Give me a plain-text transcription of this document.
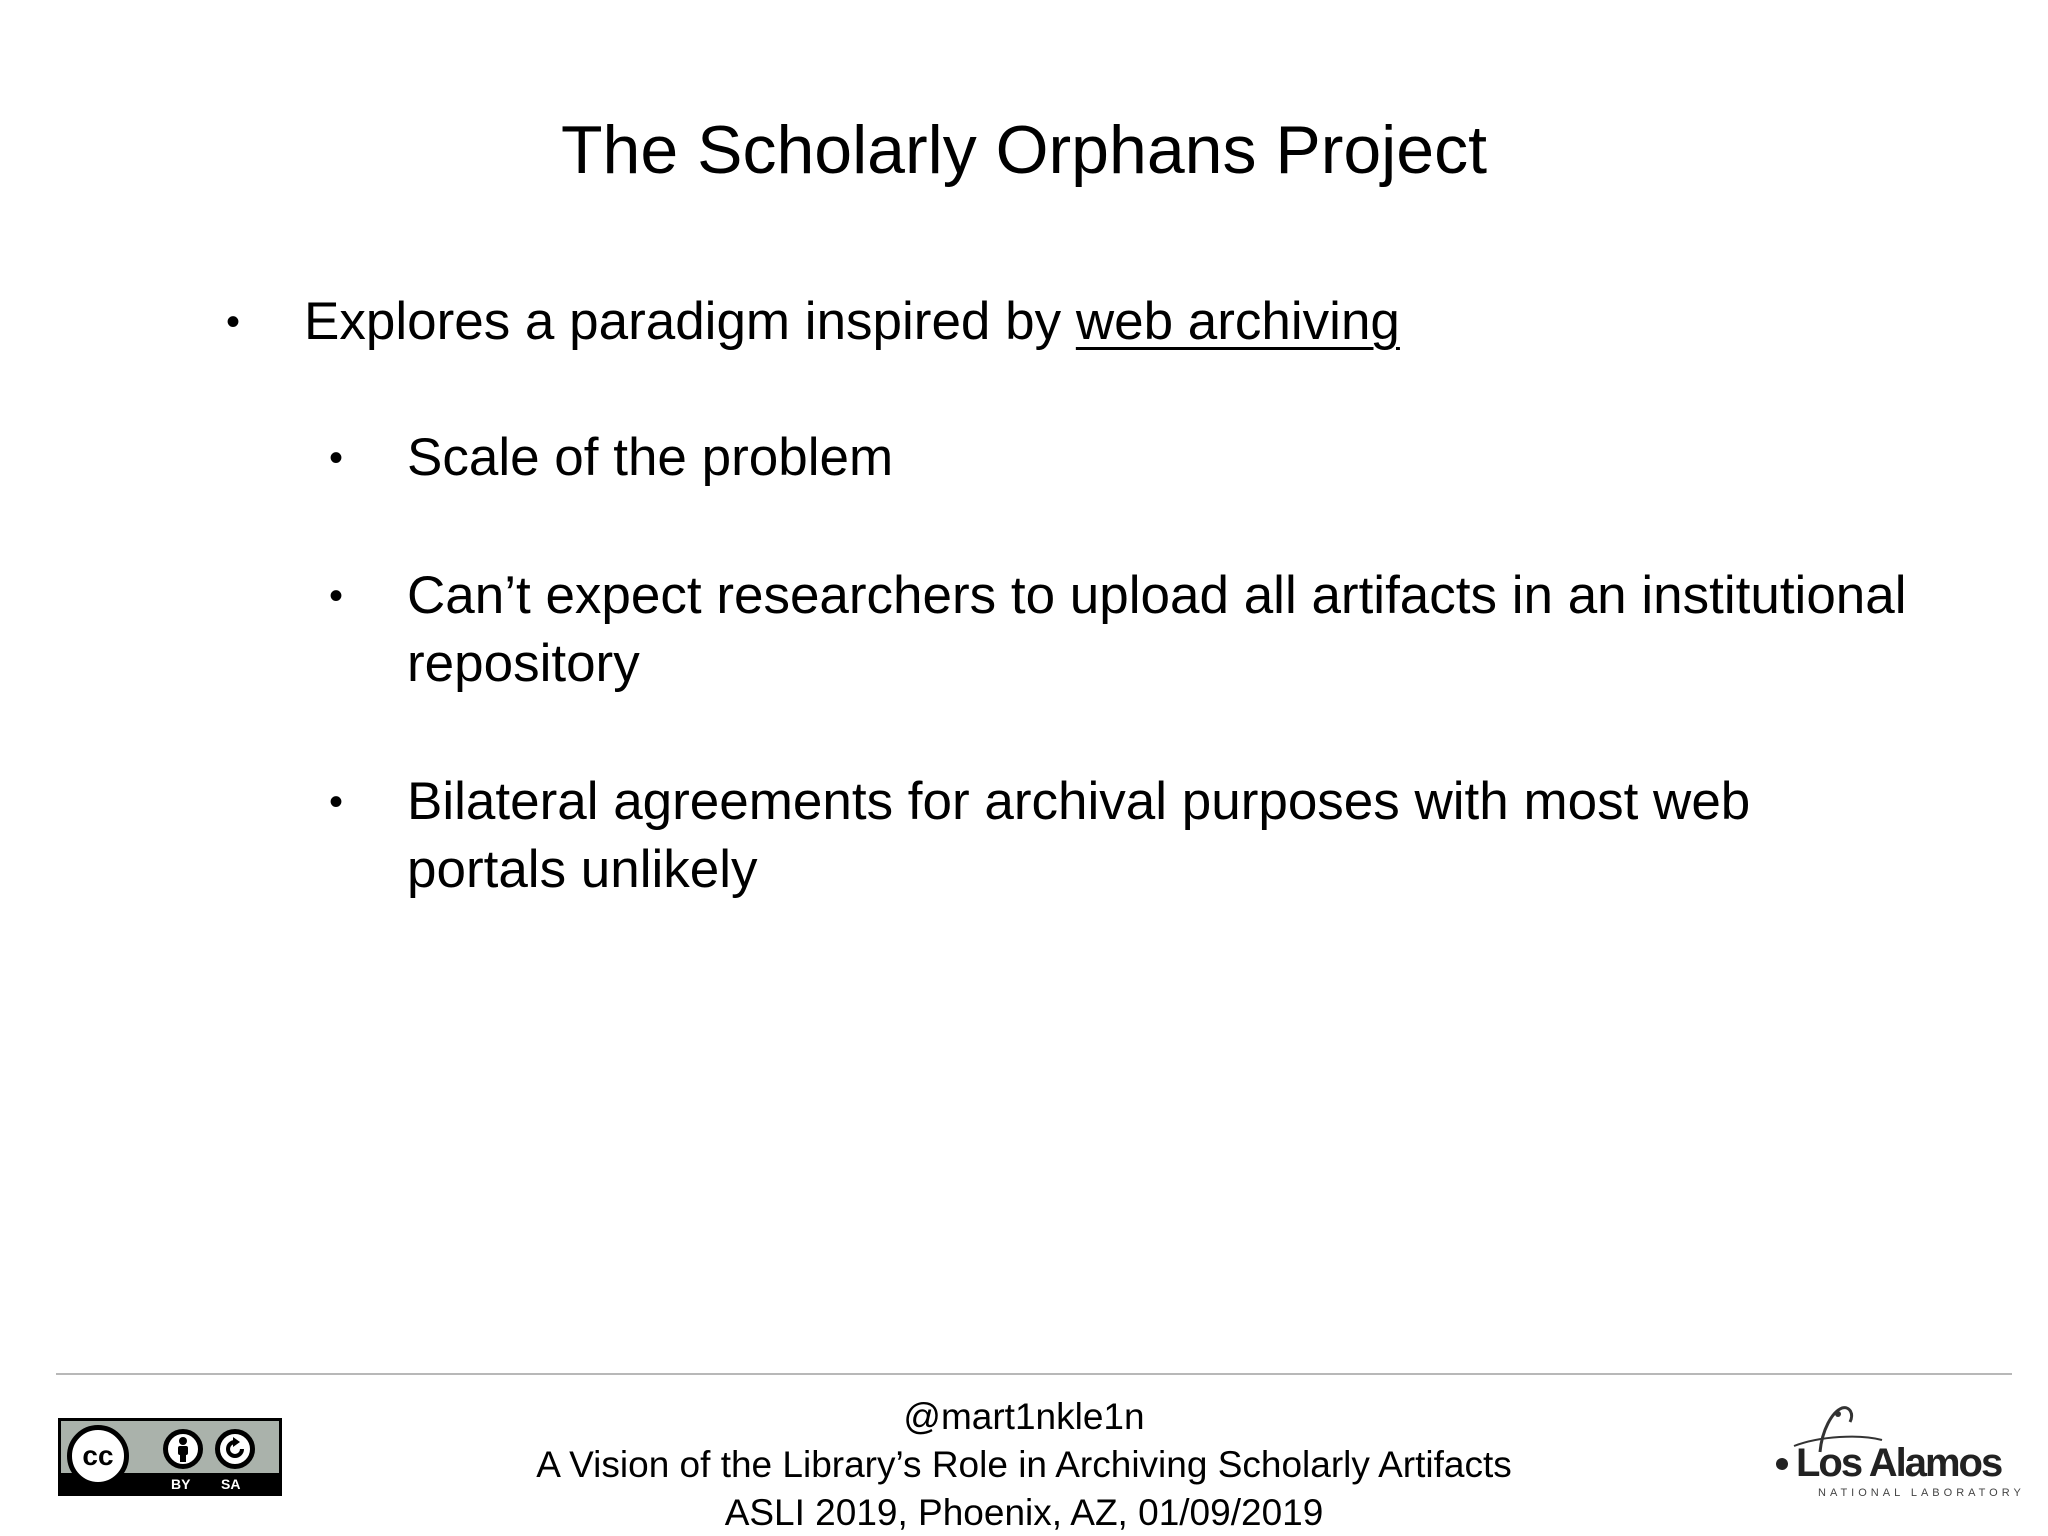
The Scholarly Orphans Project
• Explores a paradigm inspired by web archiving
• Scale of the problem
• Can’t expect researchers to upload all artifacts in an institutional repository
• Bilateral agreements for archival purposes with most web portals unlikely
@mart1nkle1n
A Vision of the Library’s Role in Archiving Scholarly Artifacts
ASLI 2019, Phoenix, AZ, 01/09/2019
cc
BY SA	Los Alamos
NATIONAL LABORATORY
